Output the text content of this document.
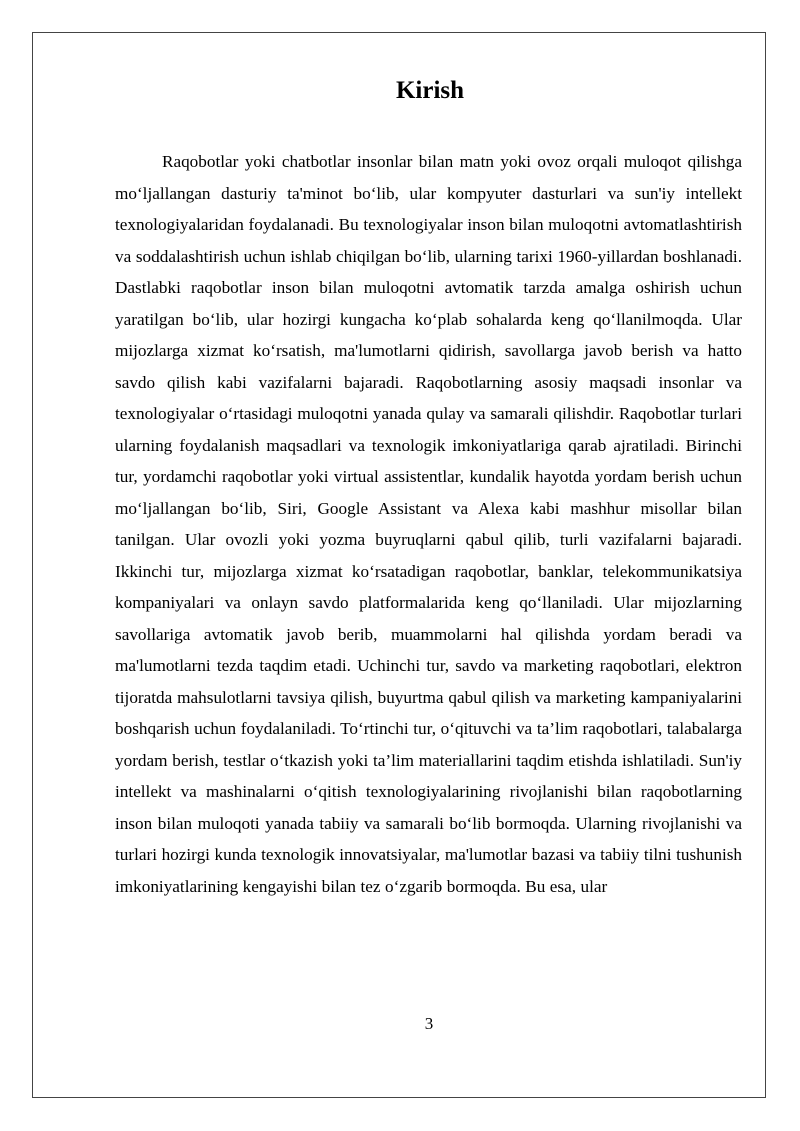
Kirish

Raqobotlar yoki chatbotlar insonlar bilan matn yoki ovoz orqali muloqot qilishga moʻljallangan dasturiy ta'minot boʻlib, ular kompyuter dasturlari va sun'iy intellekt texnologiyalaridan foydalanadi. Bu texnologiyalar inson bilan muloqotni avtomatlashtirish va soddalashtirish uchun ishlab chiqilgan boʻlib, ularning tarixi 1960-yillardan boshlanadi. Dastlabki raqobotlar inson bilan muloqotni avtomatik tarzda amalga oshirish uchun yaratilgan boʻlib, ular hozirgi kungacha koʻplab sohalarda keng qoʻllanilmoqda. Ular mijozlarga xizmat koʻrsatish, ma'lumotlarni qidirish, savollarga javob berish va hatto savdo qilish kabi vazifalarni bajaradi. Raqobotlarning asosiy maqsadi insonlar va texnologiyalar oʻrtasidagi muloqotni yanada qulay va samarali qilishdir. Raqobotlar turlari ularning foydalanish maqsadlari va texnologik imkoniyatlariga qarab ajratiladi. Birinchi tur, yordamchi raqobotlar yoki virtual assistentlar, kundalik hayotda yordam berish uchun moʻljallangan boʻlib, Siri, Google Assistant va Alexa kabi mashhur misollar bilan tanilgan. Ular ovozli yoki yozma buyruqlarni qabul qilib, turli vazifalarni bajaradi. Ikkinchi tur, mijozlarga xizmat koʻrsatadigan raqobotlar, banklar, telekommunikatsiya kompaniyalari va onlayn savdo platformalarida keng qoʻllaniladi. Ular mijozlarning savollariga avtomatik javob berib, muammolarni hal qilishda yordam beradi va ma'lumotlarni tezda taqdim etadi. Uchinchi tur, savdo va marketing raqobotlari, elektron tijoratda mahsulotlarni tavsiya qilish, buyurtma qabul qilish va marketing kampaniyalarini boshqarish uchun foydalaniladi. Toʻrtinchi tur, oʻqituvchi va ta’lim raqobotlari, talabalarga yordam berish, testlar oʻtkazish yoki ta’lim materiallarini taqdim etishda ishlatiladi. Sun'iy intellekt va mashinalarni oʻqitish texnologiyalarining rivojlanishi bilan raqobotlarning inson bilan muloqoti yanada tabiiy va samarali boʻlib bormoqda. Ularning rivojlanishi va turlari hozirgi kunda texnologik innovatsiyalar, ma'lumotlar bazasi va tabiiy tilni tushunish imkoniyatlarining kengayishi bilan tez oʻzgarib bormoqda. Bu esa, ular

3
